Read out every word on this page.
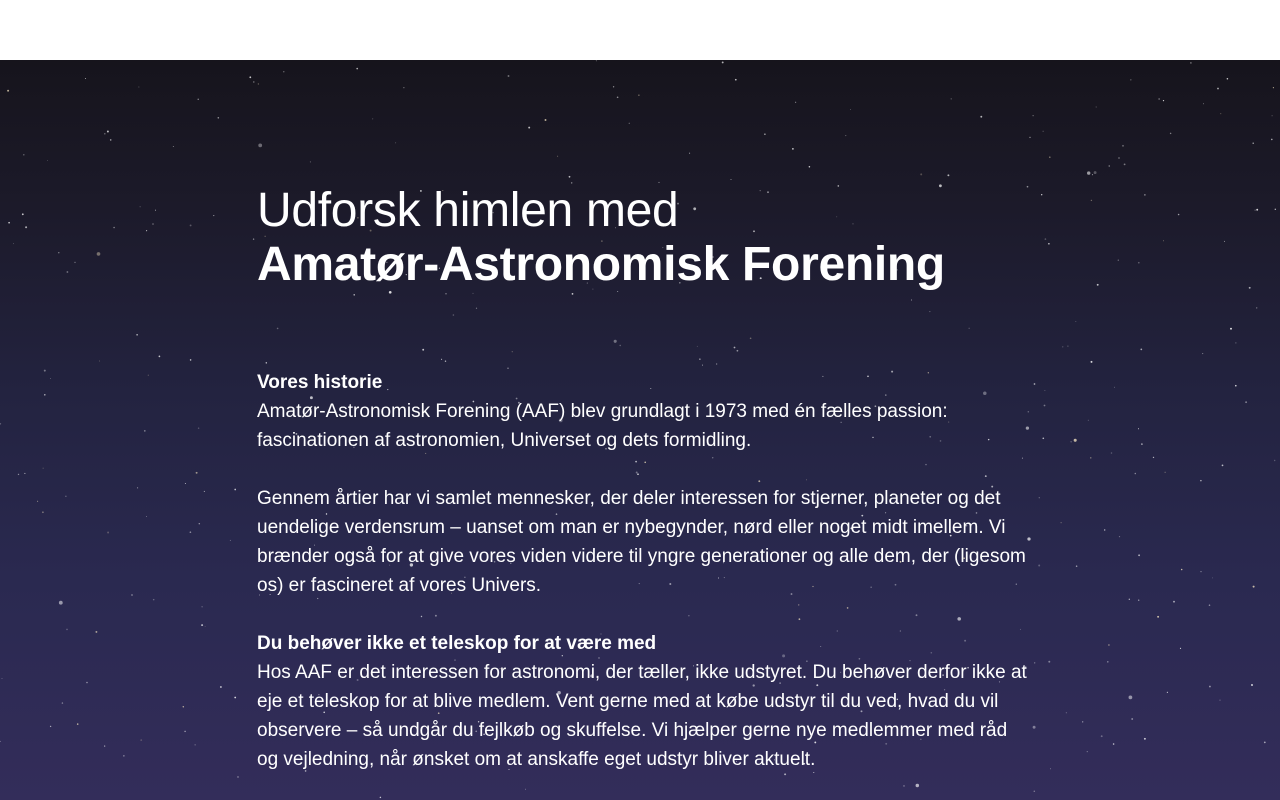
Udforsk himlen med
Amatør-Astronomisk Forening

Vores historie

Amatør-Astronomisk Forening (AAF) blev grundlagt i 1973 med én fælles passion: fascinationen af astronomien, Universet og dets formidling.

Gennem årtier har vi samlet mennesker, der deler interessen for stjerner, planeter og det uendelige verdensrum – uanset om man er nybegynder, nørd eller noget midt imellem. Vi brænder også for at give vores viden videre til yngre generationer og alle dem, der (ligesom os) er fascineret af vores Univers.

Du behøver ikke et teleskop for at være med

Hos AAF er det interessen for astronomi, der tæller, ikke udstyret. Du behøver derfor ikke at eje et teleskop for at blive medlem. Vent gerne med at købe udstyr til du ved, hvad du vil observere – så undgår du fejlkøb og skuffelse. Vi hjælper gerne nye medlemmer med råd og vejledning, når ønsket om at anskaffe eget udstyr bliver aktuelt.
